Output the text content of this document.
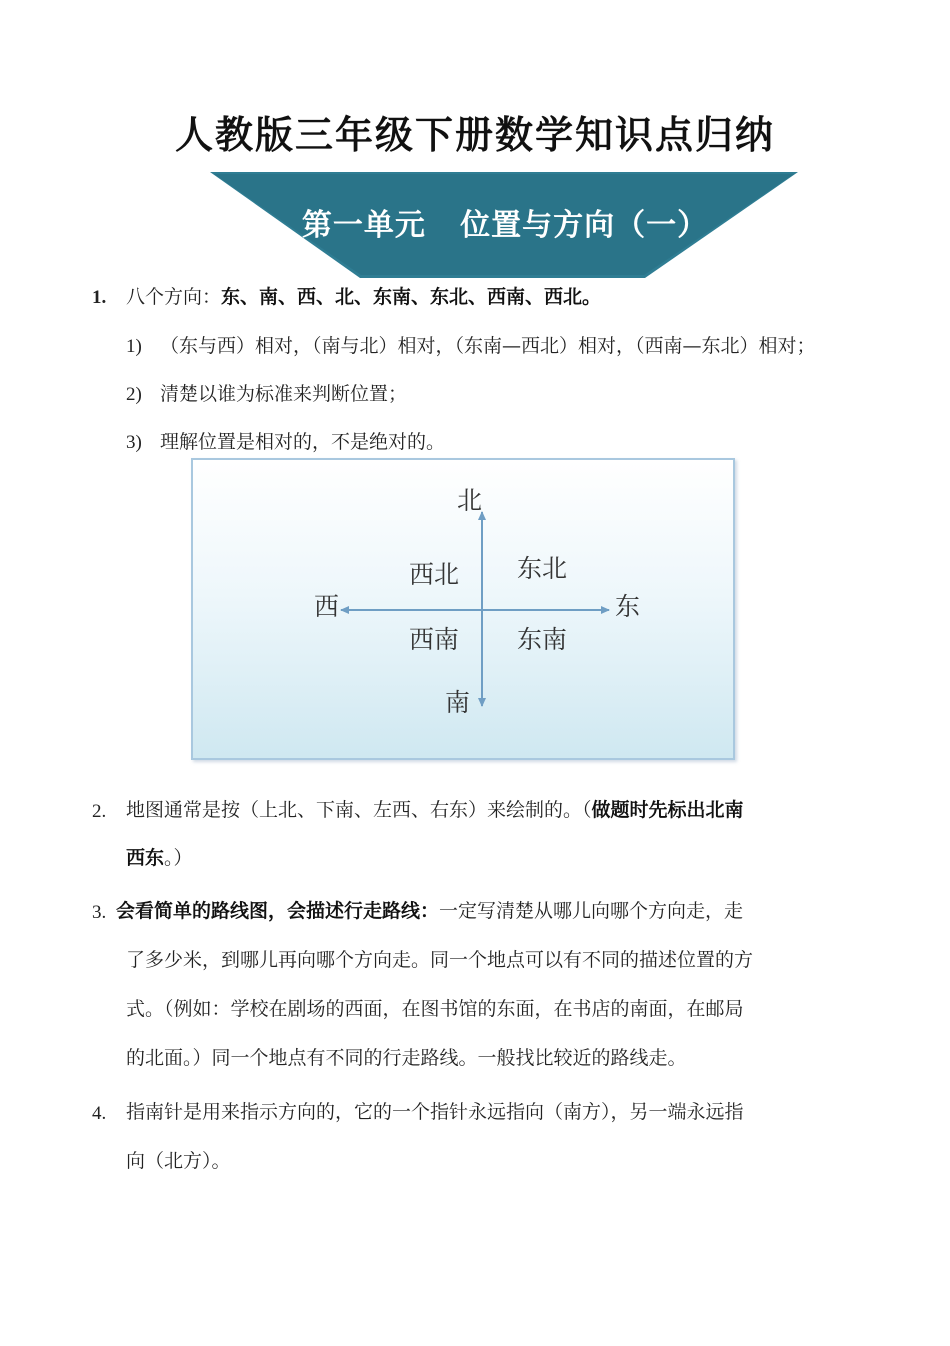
人教版三年级下册数学知识点归纳
第一单元   位置与方向（一）
1. 八个方向：东、南、西、北、东南、东北、西南、西北。
1) （东与西）相对，（南与北）相对，（东南—西北）相对，（西南—东北）相对；
2) 清楚以谁为标准来判断位置；
3) 理解位置是相对的，不是绝对的。
北
南
东
西
西北 东北
西南 东南
2. 地图通常是按（上北、下南、左西、右东）来绘制的。（做题时先标出北南
西东。）
3. 会看简单的路线图，会描述行走路线：一定写清楚从哪儿向哪个方向走，走
了多少米，到哪儿再向哪个方向走。同一个地点可以有不同的描述位置的方
式。（例如：学校在剧场的西面，在图书馆的东面，在书店的南面，在邮局
的北面。）同一个地点有不同的行走路线。一般找比较近的路线走。
4. 指南针是用来指示方向的，它的一个指针永远指向（南方），另一端永远指
向（北方）。
